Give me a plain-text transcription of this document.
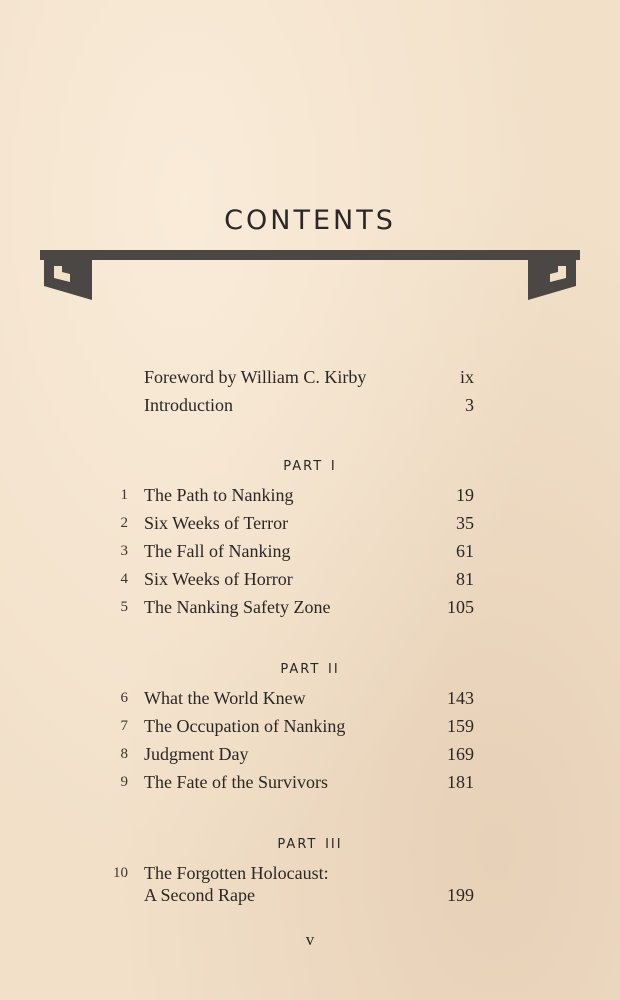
contents
Foreword by William C. Kirby	ix
Introduction	3
part i
1 The Path to Nanking	19
2 Six Weeks of Terror	35
3 The Fall of Nanking	61
4 Six Weeks of Horror	81
5 The Nanking Safety Zone	105
part ii
6 What the World Knew	143
7 The Occupation of Nanking	159
8 Judgment Day	169
9 The Fate of the Survivors	181
part iii
10 The Forgotten Holocaust:
A Second Rape	199
v
